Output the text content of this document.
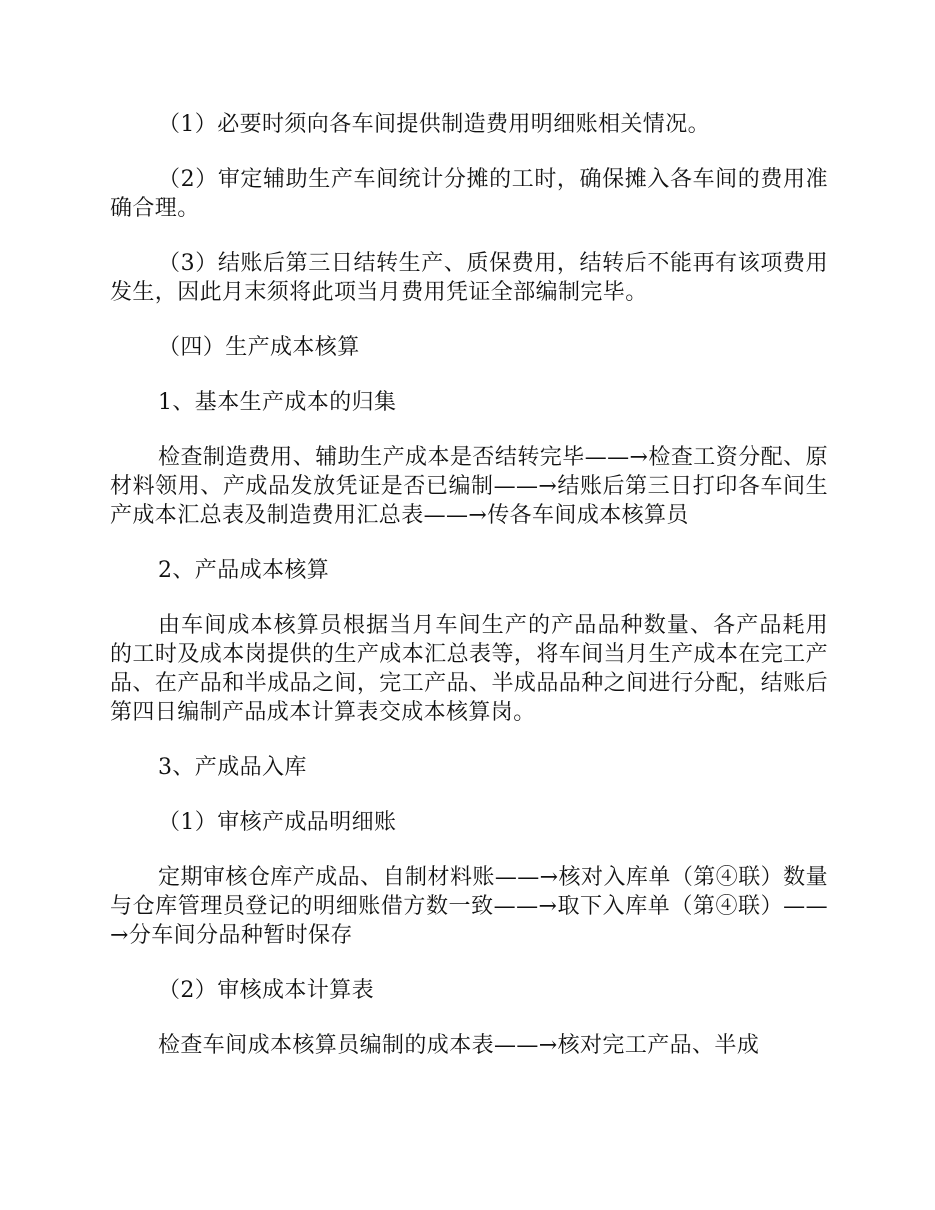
（1）必要时须向各车间提供制造费用明细账相关情况。

（2）审定辅助生产车间统计分摊的工时，确保摊入各车间的费用准确合理。

（3）结账后第三日结转生产、质保费用，结转后不能再有该项费用发生，因此月末须将此项当月费用凭证全部编制完毕。

（四）生产成本核算

1、基本生产成本的归集

检查制造费用、辅助生产成本是否结转完毕——→检查工资分配、原材料领用、产成品发放凭证是否已编制——→结账后第三日打印各车间生产成本汇总表及制造费用汇总表——→传各车间成本核算员

2、产品成本核算

由车间成本核算员根据当月车间生产的产品品种数量、各产品耗用的工时及成本岗提供的生产成本汇总表等，将车间当月生产成本在完工产品、在产品和半成品之间，完工产品、半成品品种之间进行分配，结账后第四日编制产品成本计算表交成本核算岗。

3、产成品入库

（1）审核产成品明细账

定期审核仓库产成品、自制材料账——→核对入库单（第④联）数量与仓库管理员登记的明细账借方数一致——→取下入库单（第④联）——→分车间分品种暂时保存

（2）审核成本计算表

检查车间成本核算员编制的成本表——→核对完工产品、半成
